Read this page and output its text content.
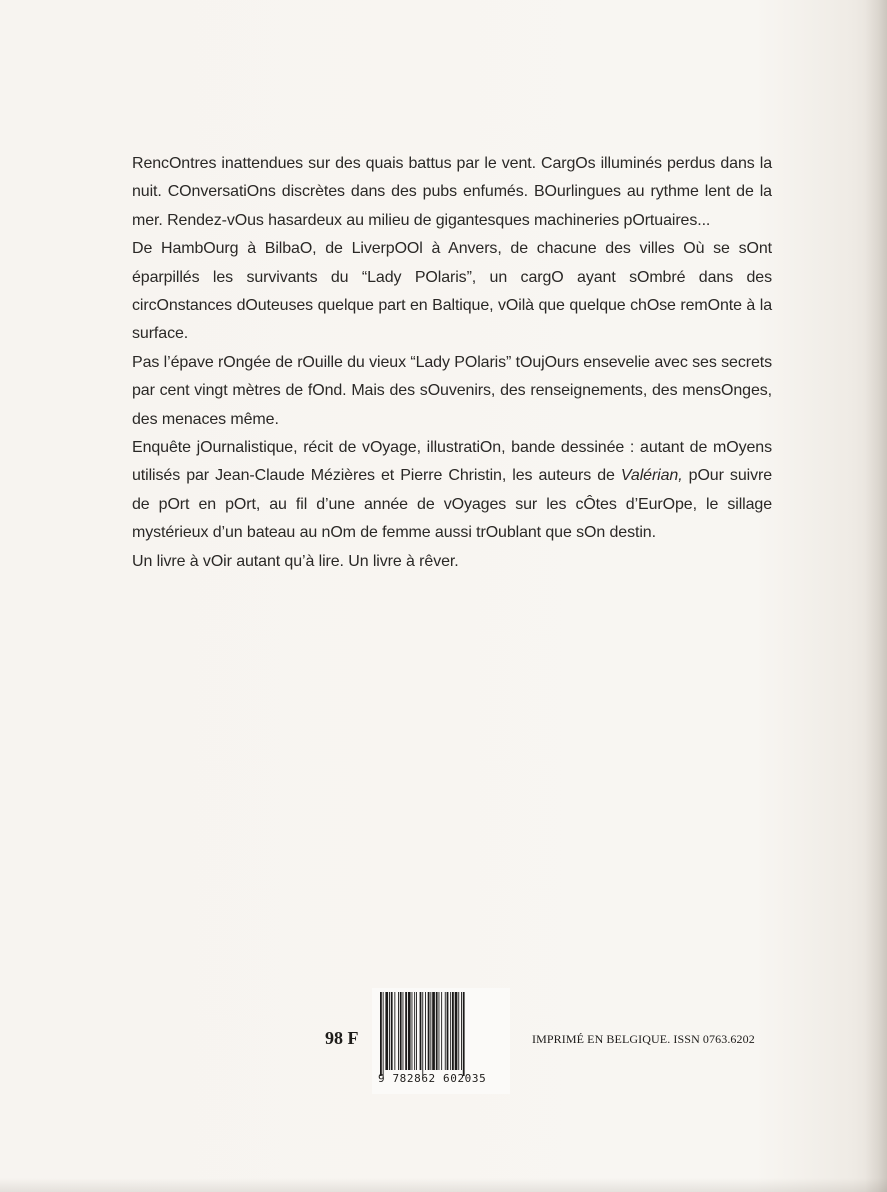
RencOntres inattendues sur des quais battus par le vent. CargOs illuminés perdus dans la nuit. COnversatiOns discrètes dans des pubs enfumés. BOurlingues au rythme lent de la mer. Rendez-vOus hasardeux au milieu de gigantesques machineries pOrtuaires...

De HambOurg à BilbaO, de LiverpOOl à Anvers, de chacune des villes Où se sOnt éparpillés les survivants du “Lady POlaris”, un cargO ayant sOmbré dans des circOnstances dOuteuses quelque part en Baltique, vOilà que quelque chOse remOnte à la surface.

Pas l’épave rOngée de rOuille du vieux “Lady POlaris” tOujOurs ensevelie avec ses secrets par cent vingt mètres de fOnd. Mais des sOuvenirs, des renseignements, des mensOnges, des menaces même.

Enquête jOurnalistique, récit de vOyage, illustratiOn, bande dessinée : autant de mOyens utilisés par Jean-Claude Mézières et Pierre Christin, les auteurs de Valérian, pOur suivre de pOrt en pOrt, au fil d’une année de vOyages sur les cÔtes d’EurOpe, le sillage mystérieux d’un bateau au nOm de femme aussi trOublant que sOn destin.

Un livre à vOir autant qu’à lire. Un livre à rêver.

98 F
9 782862 602035
IMPRIMÉ EN BELGIQUE. ISSN 0763.6202
